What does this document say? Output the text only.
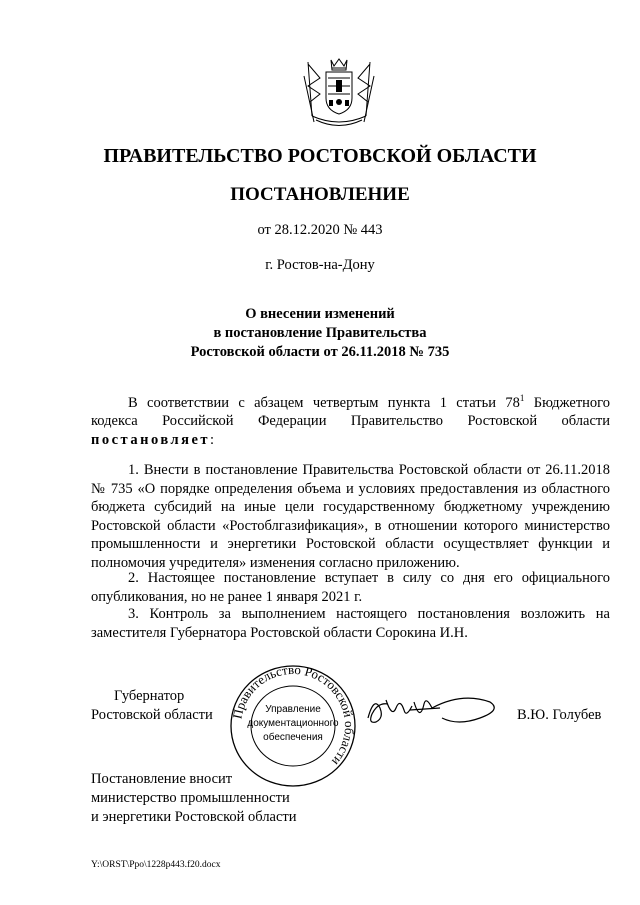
ПРАВИТЕЛЬСТВО РОСТОВСКОЙ ОБЛАСТИ
ПОСТАНОВЛЕНИЕ
от 28.12.2020 № 443
г. Ростов-на-Дону
О внесении изменений
в постановление Правительства
Ростовской области от 26.11.2018 № 735
В соответствии с абзацем четвертым пункта 1 статьи $78^1$ Бюджетного
кодекса Российской Федерации Правительство Ростовской области
постановляет:
1. Внести в постановление Правительства Ростовской области от 26.11.2018 № 735 «О порядке определения объема и условиях предоставления из областного бюджета субсидий на иные цели государственному бюджетному учреждению Ростовской области «Ростоблгазификация», в отношении которого министерство промышленности и энергетики Ростовской области осуществляет функции и полномочия учредителя» изменения согласно приложению.
2. Настоящее постановление вступает в силу со дня его официального опубликования, но не ранее 1 января 2021 г.
3. Контроль за выполнением настоящего постановления возложить на заместителя Губернатора Ростовской области Сорокина И.Н.
Губернатор
Ростовской области Правительство Ростовской области
Управление
документационного
обеспечения
В.Ю. Голубев
Постановление вносит
министерство промышленности
и энергетики Ростовской области
Y:\ORST\Ppo\1228p443.f20.docx
